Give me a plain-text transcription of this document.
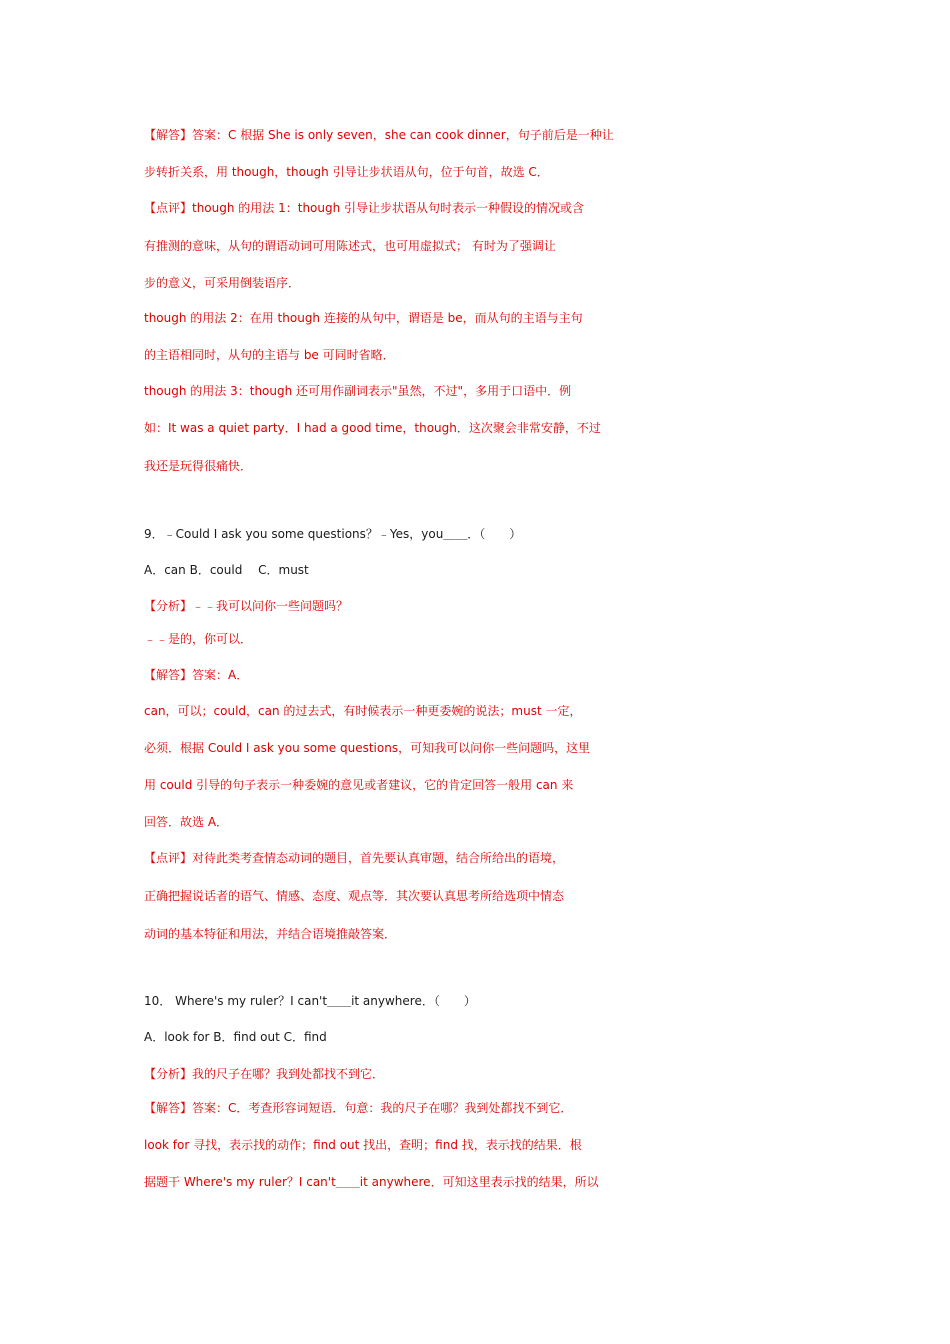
【解答】答案：C 根据 She is only seven，she can cook dinner，句子前后是一种让
步转折关系，用 though，though 引导让步状语从句，位于句首，故选 C．
【点评】though 的用法 1：though 引导让步状语从句时表示一种假设的情况或含
有推测的意味，从句的谓语动词可用陈述式，也可用虚拟式； 有时为了强调让
步的意义，可采用倒装语序．
though 的用法 2：在用 though 连接的从句中，谓语是 be，而从句的主语与主句
的主语相同时，从句的主语与 be 可同时省略．
though 的用法 3：though 还可用作副词表示"虽然，不过"，多用于口语中．例
如：It was a quiet party．I had a good time，though．这次聚会非常安静，不过
我还是玩得很痛快．
9．﹣Could I ask you some questions？﹣Yes，you＿＿．（　　）
A．can B．could　 C．must
【分析】﹣﹣我可以问你一些问题吗？
﹣﹣是的，你可以．
【解答】答案：A．
can，可以；could，can 的过去式，有时候表示一种更委婉的说法；must 一定，
必须．根据 Could I ask you some questions，可知我可以问你一些问题吗，这里
用 could 引导的句子表示一种委婉的意见或者建议，它的肯定回答一般用 can 来
回答．故选 A．
【点评】对待此类考查情态动词的题目，首先要认真审题，结合所给出的语境，
正确把握说话者的语气、情感、态度、观点等．其次要认真思考所给选项中情态
动词的基本特征和用法，并结合语境推敲答案．
10． Where's my ruler？I can't＿＿it anywhere．（　　）
A．look for B．find out C．find
【分析】我的尺子在哪？我到处都找不到它．
【解答】答案：C．考查形容词短语．句意：我的尺子在哪？我到处都找不到它．
look for 寻找，表示找的动作；find out 找出，查明；find 找，表示找的结果．根
据题干 Where's my ruler？I can't＿＿it anywhere．可知这里表示找的结果，所以
